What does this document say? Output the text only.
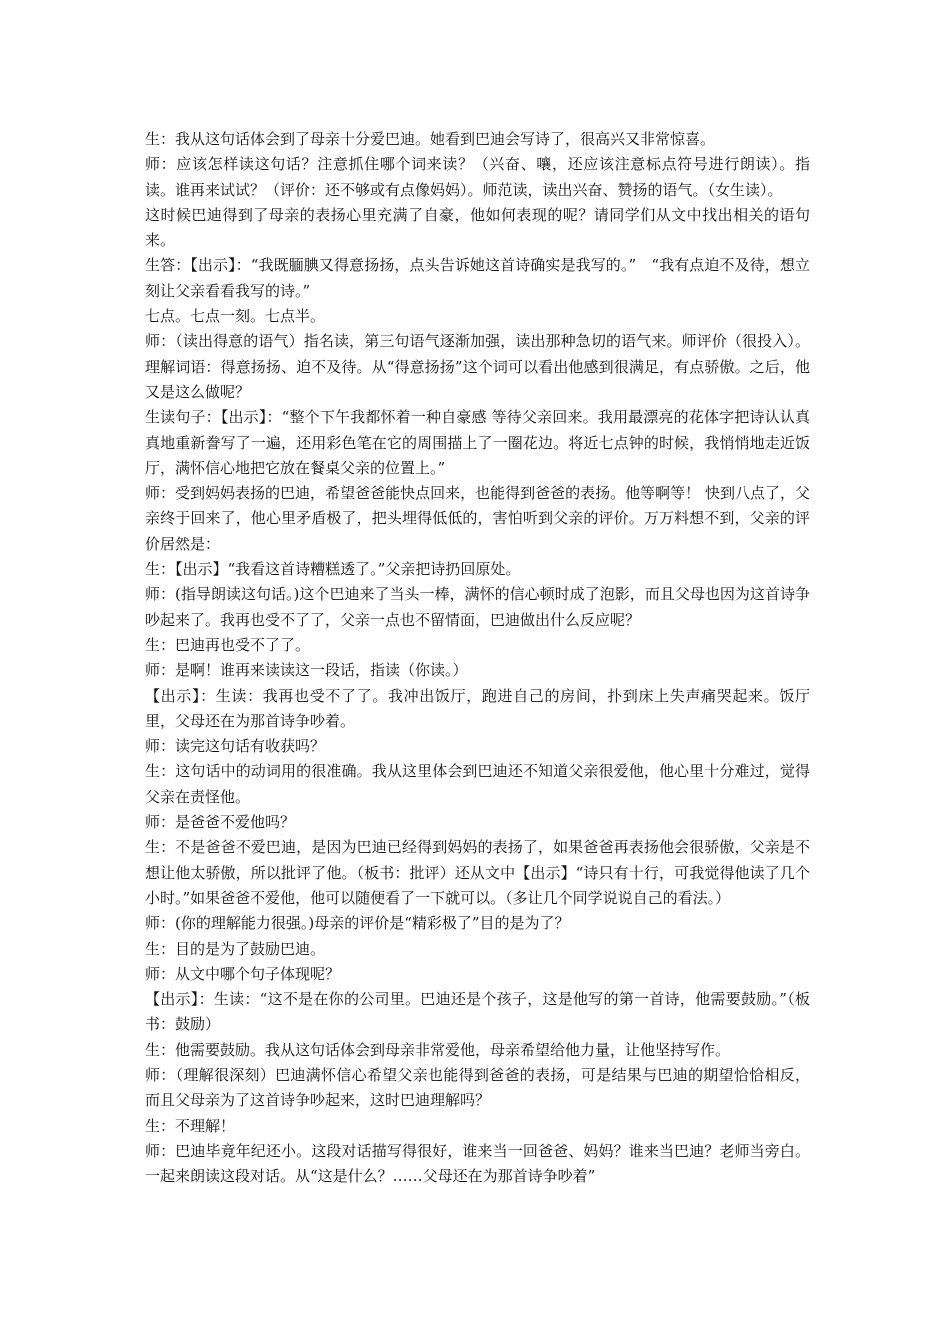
生：我从这句话体会到了母亲十分爱巴迪。她看到巴迪会写诗了，很高兴又非常惊喜。

师：应该怎样读这句话？注意抓住哪个词来读？（兴奋、嚷，还应该注意标点符号进行朗读）。指读。谁再来试试？（评价：还不够或有点像妈妈）。师范读，读出兴奋、赞扬的语气。（女生读）。

这时候巴迪得到了母亲的表扬心里充满了自豪，他如何表现的呢？请同学们从文中找出相关的语句来。

生答：【出示】：“我既腼腆又得意扬扬，点头告诉她这首诗确实是我写的。”　“我有点迫不及待，想立刻让父亲看看我写的诗。”

七点。七点一刻。七点半。

师：（读出得意的语气）指名读，第三句语气逐渐加强，读出那种急切的语气来。师评价（很投入）。理解词语：得意扬扬、迫不及待。从“得意扬扬”这个词可以看出他感到很满足，有点骄傲。之后，他又是这么做呢？

生读句子：【出示】：“整个下午我都怀着一种自豪感 等待父亲回来。我用最漂亮的花体字把诗认认真真地重新誊写了一遍，还用彩色笔在它的周围描上了一圈花边。将近七点钟的时候，我悄悄地走近饭厅，满怀信心地把它放在餐桌父亲的位置上。”

师：受到妈妈表扬的巴迪，希望爸爸能快点回来，也能得到爸爸的表扬。他等啊等！ 快到八点了，父亲终于回来了，他心里矛盾极了，把头埋得低低的，害怕听到父亲的评价。万万料想不到，父亲的评价居然是：

生：【出示】“我看这首诗糟糕透了。”父亲把诗扔回原处。

师：(指导朗读这句话。)这个巴迪来了当头一棒，满怀的信心顿时成了泡影，而且父母也因为这首诗争吵起来了。我再也受不了了，父亲一点也不留情面，巴迪做出什么反应呢？

生：巴迪再也受不了了。

师：是啊！谁再来读读这一段话，指读（你读。）

【出示】：生读：我再也受不了了。我冲出饭厅，跑进自己的房间，扑到床上失声痛哭起来。饭厅里，父母还在为那首诗争吵着。

师：读完这句话有收获吗？

生：这句话中的动词用的很准确。我从这里体会到巴迪还不知道父亲很爱他，他心里十分难过，觉得父亲在责怪他。

师：是爸爸不爱他吗？

生：不是爸爸不爱巴迪，是因为巴迪已经得到妈妈的表扬了，如果爸爸再表扬他会很骄傲，父亲是不想让他太骄傲，所以批评了他。（板书：批评）还从文中【出示】“诗只有十行，可我觉得他读了几个小时。”如果爸爸不爱他，他可以随便看了一下就可以。（多让几个同学说说自己的看法。）

师：(你的理解能力很强。)母亲的评价是“精彩极了”目的是为了？

生：目的是为了鼓励巴迪。

师：从文中哪个句子体现呢？

【出示】：生读：“这不是在你的公司里。巴迪还是个孩子，这是他写的第一首诗，他需要鼓励。”（板书：鼓励）

生：他需要鼓励。我从这句话体会到母亲非常爱他，母亲希望给他力量，让他坚持写作。

师：（理解很深刻）巴迪满怀信心希望父亲也能得到爸爸的表扬，可是结果与巴迪的期望恰恰相反，而且父母亲为了这首诗争吵起来，这时巴迪理解吗？

生：不理解！

师：巴迪毕竟年纪还小。这段对话描写得很好，谁来当一回爸爸、妈妈？谁来当巴迪？老师当旁白。一起来朗读这段对话。从“这是什么？……父母还在为那首诗争吵着”
